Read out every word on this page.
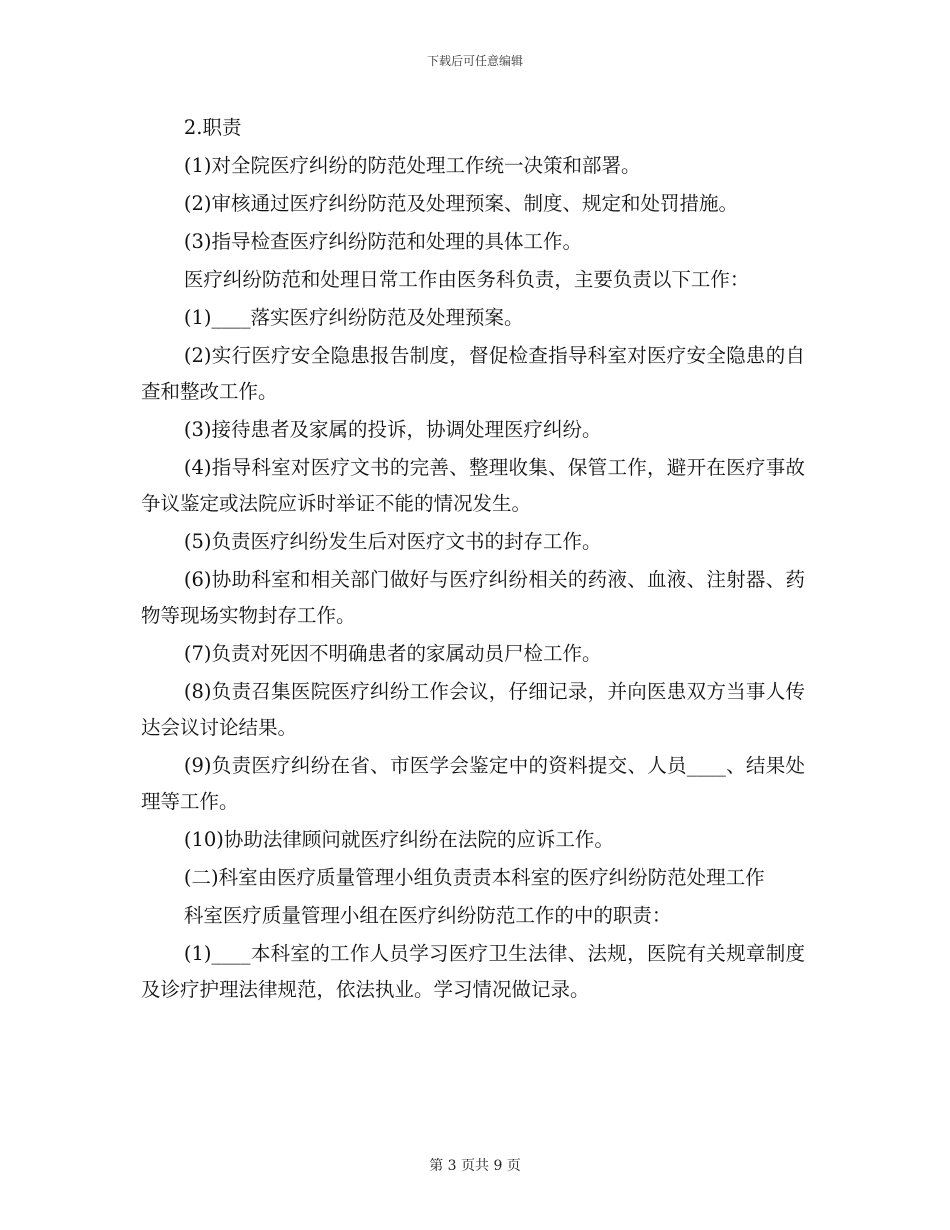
下载后可任意编辑

2.职责

(1)对全院医疗纠纷的防范处理工作统一决策和部署。

(2)审核通过医疗纠纷防范及处理预案、制度、规定和处罚措施。

(3)指导检查医疗纠纷防范和处理的具体工作。

医疗纠纷防范和处理日常工作由医务科负责，主要负责以下工作：

(1)____落实医疗纠纷防范及处理预案。

(2)实行医疗安全隐患报告制度，督促检查指导科室对医疗安全隐患的自查和整改工作。

(3)接待患者及家属的投诉，协调处理医疗纠纷。

(4)指导科室对医疗文书的完善、整理收集、保管工作，避开在医疗事故争议鉴定或法院应诉时举证不能的情况发生。

(5)负责医疗纠纷发生后对医疗文书的封存工作。

(6)协助科室和相关部门做好与医疗纠纷相关的药液、血液、注射器、药物等现场实物封存工作。

(7)负责对死因不明确患者的家属动员尸检工作。

(8)负责召集医院医疗纠纷工作会议，仔细记录，并向医患双方当事人传达会议讨论结果。

(9)负责医疗纠纷在省、市医学会鉴定中的资料提交、人员____、结果处理等工作。

(10)协助法律顾问就医疗纠纷在法院的应诉工作。

(二)科室由医疗质量管理小组负责责本科室的医疗纠纷防范处理工作

科室医疗质量管理小组在医疗纠纷防范工作的中的职责：

(1)____本科室的工作人员学习医疗卫生法律、法规，医院有关规章制度及诊疗护理法律规范，依法执业。学习情况做记录。

第 3 页共 9 页
